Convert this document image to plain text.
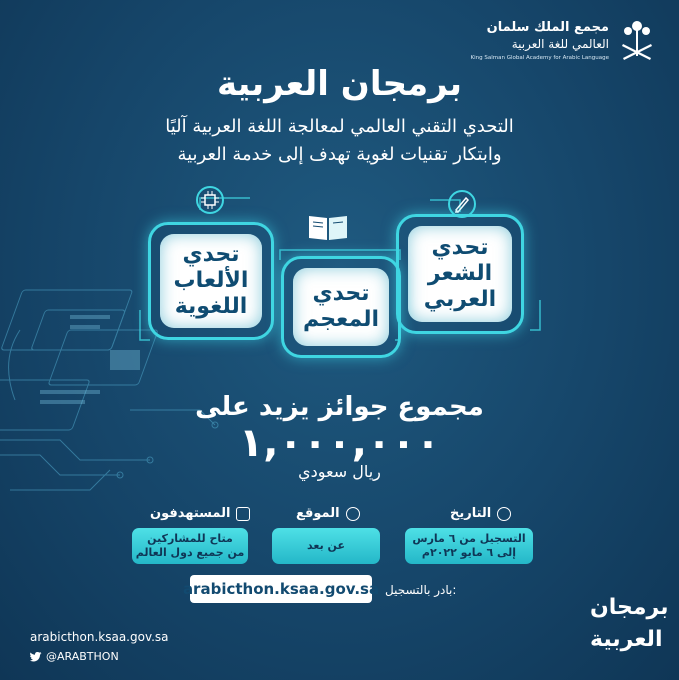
مجمع الملك سلمان
العالمي للغة العربية
King Salman Global Academy for Arabic Language
برمجان العربية
التحدي التقني العالمي لمعالجة اللغة العربية آليًا
وابتكار تقنيات لغوية تهدف إلى خدمة العربية
تحدي
الشعر
العربي
تحدي
المعجم
تحدي
الألعاب
اللغوية
مجموع جوائز يزيد على
١,٠٠٠,٠٠٠
ريال سعودي
التاريخ
التسجيل من ٦ مارس
إلى ٦ مايو ٢٠٢٢م
الموقع
عن بعد
المستهدفون
متاح للمشاركين
من جميع دول العالم
بادر بالتسجيل:
arabicthon.ksaa.gov.sa
arabicthon.ksaa.gov.sa
@ARABTHON
برمجان
العربية
